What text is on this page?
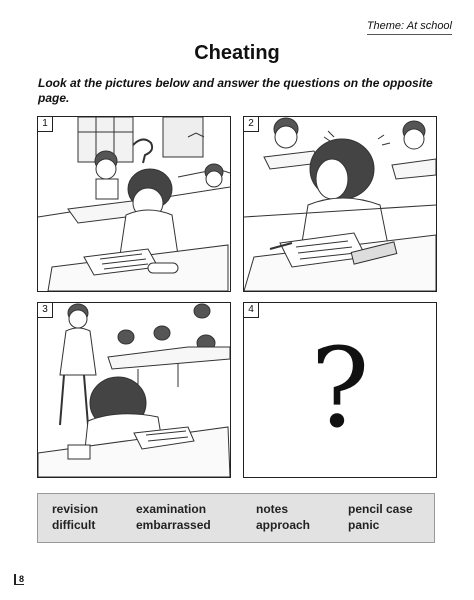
Theme: At school
Cheating
Look at the pictures below and answer the questions on the opposite page.
1	2
3	4
?
revision	examination	notes	pencil case
difficult	embarrassed	approach	panic
8
